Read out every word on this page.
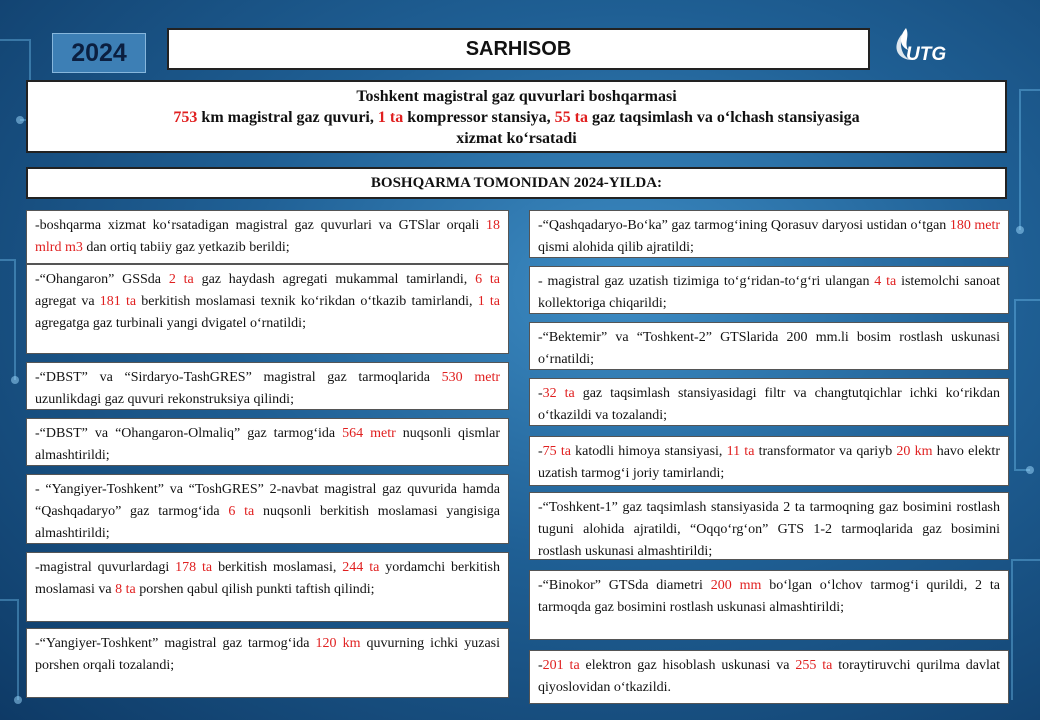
2024	SARHISOB	UTG
Toshkent magistral gaz quvurlari boshqarmasi
753 km magistral gaz quvuri, 1 ta kompressor stansiya, 55 ta gaz taqsimlash va o‘lchash stansiyasiga
xizmat ko‘rsatadi
BOSHQARMA TOMONIDAN 2024-YILDA:
-boshqarma xizmat ko‘rsatadigan magistral gaz quvurlari va GTSlar orqali 18 mlrd m3 dan ortiq tabiiy gaz yetkazib berildi;
-“Ohangaron” GSSda 2 ta gaz haydash agregati mukammal tamirlandi, 6 ta agregat va 181 ta berkitish moslamasi texnik ko‘rikdan o‘tkazib tamirlandi, 1 ta agregatga gaz turbinali yangi dvigatel o‘rnatildi;
-“DBST” va “Sirdaryo-TashGRES” magistral gaz tarmoqlarida 530 metr uzunlikdagi gaz quvuri rekonstruksiya qilindi;
-“DBST” va “Ohangaron-Olmaliq” gaz tarmog‘ida 564 metr nuqsonli qismlar almashtirildi;
- “Yangiyer-Toshkent” va “ToshGRES” 2-navbat magistral gaz quvurida hamda “Qashqadaryo” gaz tarmog‘ida 6 ta nuqsonli berkitish moslamasi yangisiga almashtirildi;
-magistral quvurlardagi 178 ta berkitish moslamasi, 244 ta yordamchi berkitish moslamasi va 8 ta porshen qabul qilish punkti taftish qilindi;
-“Yangiyer-Toshkent” magistral gaz tarmog‘ida 120 km quvurning ichki yuzasi porshen orqali tozalandi;
-“Qashqadaryo-Bo‘ka” gaz tarmog‘ining Qorasuv daryosi ustidan o‘tgan 180 metr qismi alohida qilib ajratildi;
- magistral gaz uzatish tizimiga to‘g‘ridan-to‘g‘ri ulangan 4 ta istemolchi sanoat kollektoriga chiqarildi;
-“Bektemir” va “Toshkent-2” GTSlarida 200 mm.li bosim rostlash uskunasi o‘rnatildi;
-32 ta gaz taqsimlash stansiyasidagi filtr va changtutqichlar ichki ko‘rikdan o‘tkazildi va tozalandi;
-75 ta katodli himoya stansiyasi, 11 ta transformator va qariyb 20 km havo elektr uzatish tarmog‘i joriy tamirlandi;
-“Toshkent-1” gaz taqsimlash stansiyasida 2 ta tarmoqning gaz bosimini rostlash tuguni alohida ajratildi, “Oqqo‘rg‘on” GTS 1-2 tarmoqlarida gaz bosimini rostlash uskunasi almashtirildi;
-“Binokor” GTSda diametri 200 mm bo‘lgan o‘lchov tarmog‘i qurildi, 2 ta tarmoqda gaz bosimini rostlash uskunasi almashtirildi;
-201 ta elektron gaz hisoblash uskunasi va 255 ta toraytiruvchi qurilma davlat qiyoslovidan o‘tkazildi.
